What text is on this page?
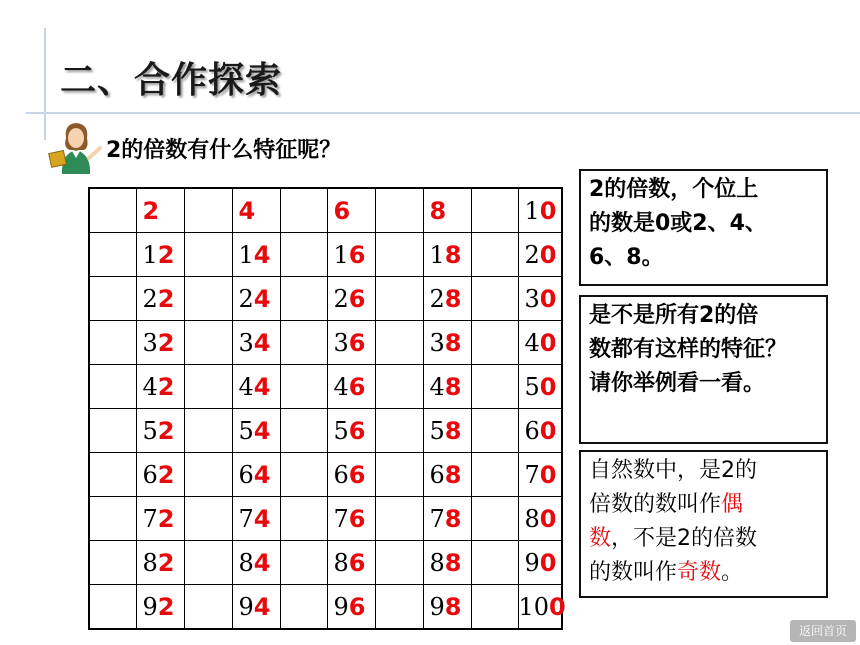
二、合作探索
2的倍数有什么特征呢？
	2		4		6		8		10
	12		14		16		18		20
	22		24		26		28		30
	32		34		36		38		40
	42		44		46		48		50
	52		54		56		58		60
	62		64		66		68		70
	72		74		76		78		80
	82		84		86		88		90
	92		94		96		98		100
2的倍数，个位上
的数是0或2、4、
6、8。
是不是所有2的倍
数都有这样的特征？
请你举例看一看。
自然数中，是2的
倍数的数叫作偶
数，不是2的倍数
的数叫作奇数。
返回首页
